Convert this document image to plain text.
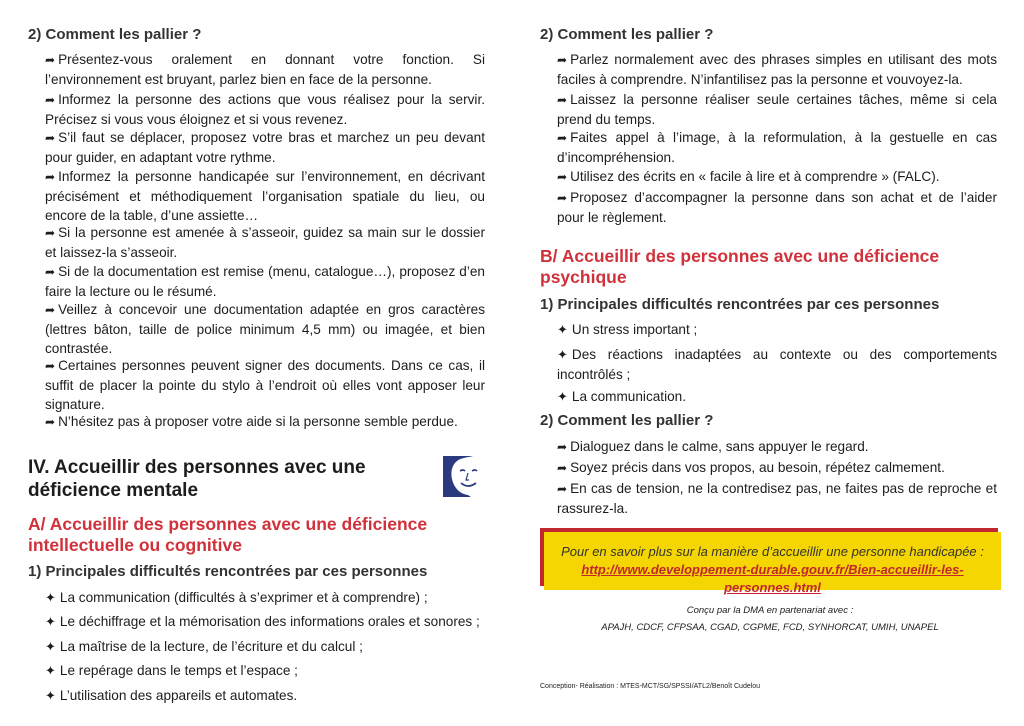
2) Comment les pallier ?
➦ Présentez-vous oralement en donnant votre fonction. Si l’environnement est bruyant, parlez bien en face de la personne.
➦ Informez la personne des actions que vous réalisez pour la servir. Précisez si vous vous éloignez et si vous revenez.
➦ S’il faut se déplacer, proposez votre bras et marchez un peu devant pour guider, en adaptant votre rythme.
➦ Informez la personne handicapée sur l’environnement, en décrivant précisément et méthodiquement l’organisation spatiale du lieu, ou encore de la table, d’une assiette…
➦ Si la personne est amenée à s’asseoir, guidez sa main sur le dossier et laissez-la s’asseoir.
➦ Si de la documentation est remise (menu, catalogue…), proposez d’en faire la lecture ou le résumé.
➦ Veillez à concevoir une documentation adaptée en gros caractères (lettres bâton, taille de police minimum 4,5 mm) ou imagée, et bien contrastée.
➦ Certaines personnes peuvent signer des documents. Dans ce cas, il suffit de placer la pointe du stylo à l’endroit où elles vont apposer leur signature.
➦ N’hésitez pas à proposer votre aide si la personne semble perdue.
IV. Accueillir des personnes avec une déficience mentale
A/ Accueillir des personnes avec une déficience intellectuelle ou cognitive
1) Principales difficultés rencontrées par ces personnes
✦ La communication (difficultés à s’exprimer et à comprendre) ;
✦ Le déchiffrage et la mémorisation des informations orales et sonores ;
✦ La maîtrise de la lecture, de l’écriture et du calcul ;
✦ Le repérage dans le temps et l’espace ;
✦ L’utilisation des appareils et automates.
2) Comment les pallier ?
➦ Parlez normalement avec des phrases simples en utilisant des mots faciles à comprendre. N’infantilisez pas la personne et vouvoyez-la.
➦ Laissez la personne réaliser seule certaines tâches, même si cela prend du temps.
➦ Faites appel à l’image, à la reformulation, à la gestuelle en cas d’incompréhension.
➦ Utilisez des écrits en « facile à lire et à comprendre » (FALC).
➦ Proposez d’accompagner la personne dans son achat et de l’aider pour le règlement.
B/ Accueillir des personnes avec une déficience psychique
1) Principales difficultés rencontrées par ces personnes
✦ Un stress important ;
✦ Des réactions inadaptées au contexte ou des comportements incontrôlés ;
✦ La communication.
2) Comment les pallier ?
➦ Dialoguez dans le calme, sans appuyer le regard.
➦ Soyez précis dans vos propos, au besoin, répétez calmement.
➦ En cas de tension, ne la contredisez pas, ne faites pas de reproche et rassurez-la.
Pour en savoir plus sur la manière d’accueillir une personne handicapée :
http://www.developpement-durable.gouv.fr/Bien-accueillir-les-personnes.html
Conçu par la DMA en partenariat avec :
APAJH, CDCF, CFPSAA, CGAD, CGPME, FCD, SYNHORCAT, UMIH, UNAPEL
Conception- Réalisation : MTES-MCT/SG/SPSSI/ATL2/Benoît Cudelou
